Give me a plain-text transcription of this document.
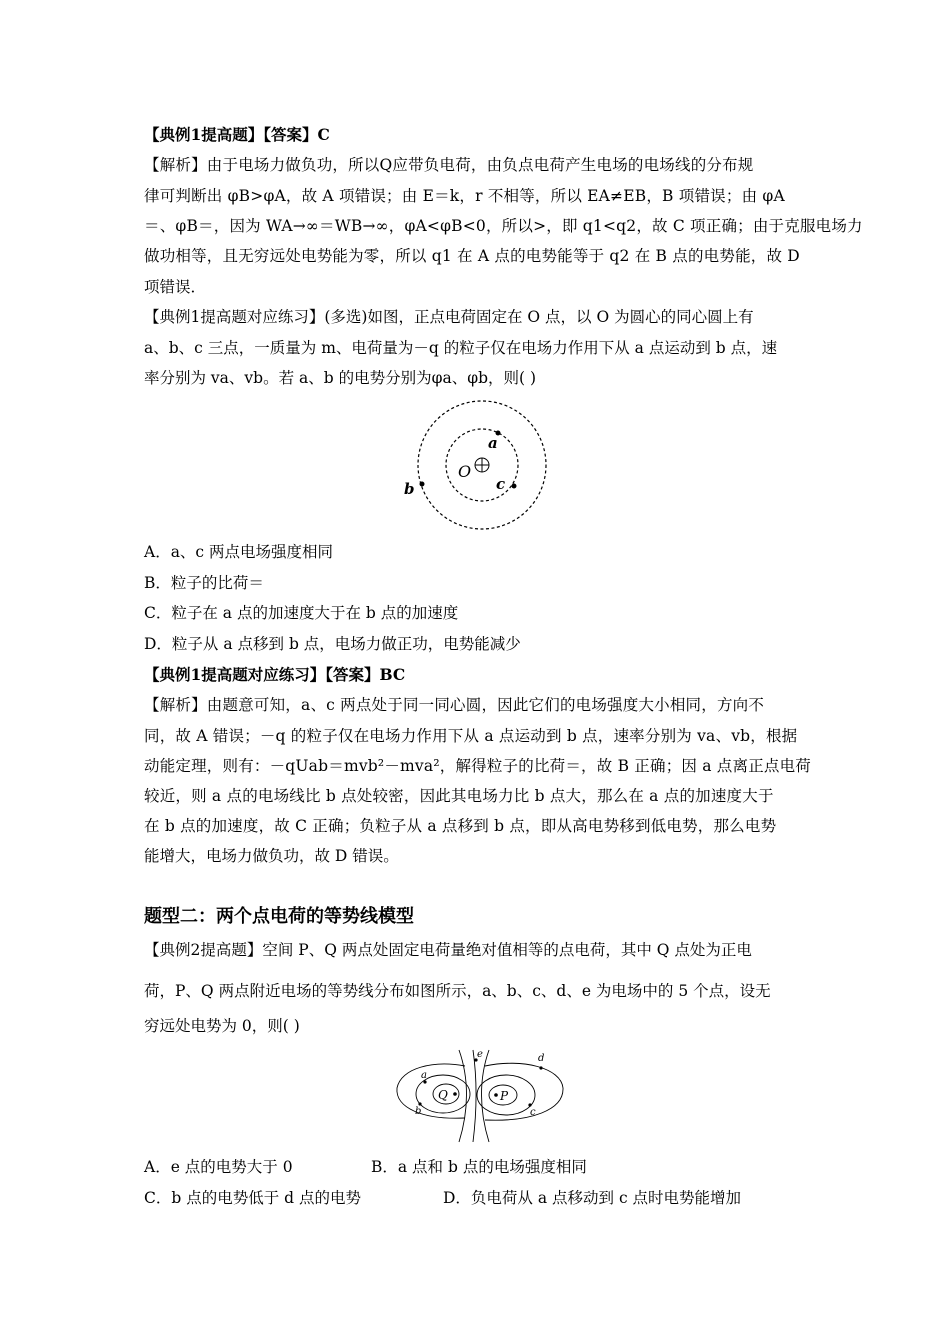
【典例1提高题】【答案】C
【解析】由于电场力做负功，所以Q应带负电荷，由负点电荷产生电场的电场线的分布规
律可判断出 φB>φA，故 A 项错误；由 E＝k，r 不相等，所以 EA≠EB，B 项错误；由 φA
＝、φB＝，因为 WA→∞＝WB→∞，φA<φB<0，所以>，即 q1<q2，故 C 项正确；由于克服电场力
做功相等，且无穷远处电势能为零，所以 q1 在 A 点的电势能等于 q2 在 B 点的电势能，故 D
项错误．
【典例1提高题对应练习】(多选)如图，正点电荷固定在 O 点，以 O 为圆心的同心圆上有
a、b、c 三点，一质量为 m、电荷量为－q 的粒子仅在电场力作用下从 a 点运动到 b 点，速
率分别为 va、vb。若 a、b 的电势分别为φa、φb，则( )
O
a
c
b
A．a、c 两点电场强度相同
B．粒子的比荷＝
C．粒子在 a 点的加速度大于在 b 点的加速度
D．粒子从 a 点移到 b 点，电场力做正功，电势能减少
【典例1提高题对应练习】【答案】BC
【解析】由题意可知，a、c 两点处于同一同心圆，因此它们的电场强度大小相同，方向不
同，故 A 错误；－q 的粒子仅在电场力作用下从 a 点运动到 b 点，速率分别为 va、vb，根据
动能定理，则有：－qUab＝mvb²－mva²，解得粒子的比荷＝，故 B 正确；因 a 点离正点电荷
较近，则 a 点的电场线比 b 点处较密，因此其电场力比 b 点大，那么在 a 点的加速度大于
在 b 点的加速度，故 C 正确；负粒子从 a 点移到 b 点，即从高电势移到低电势，那么电势
能增大，电场力做负功，故 D 错误。
题型二：两个点电荷的等势线模型
【典例2提高题】空间 P、Q 两点处固定电荷量绝对值相等的点电荷，其中 Q 点处为正电
荷，P、Q 两点附近电场的等势线分布如图所示，a、b、c、d、e 为电场中的 5 个点，设无
穷远处电势为 0，则( )
Q	P
a
b	c
d
e
A．e 点的电势大于 0	B．a 点和 b 点的电场强度相同
C．b 点的电势低于 d 点的电势	D．负电荷从 a 点移动到 c 点时电势能增加
